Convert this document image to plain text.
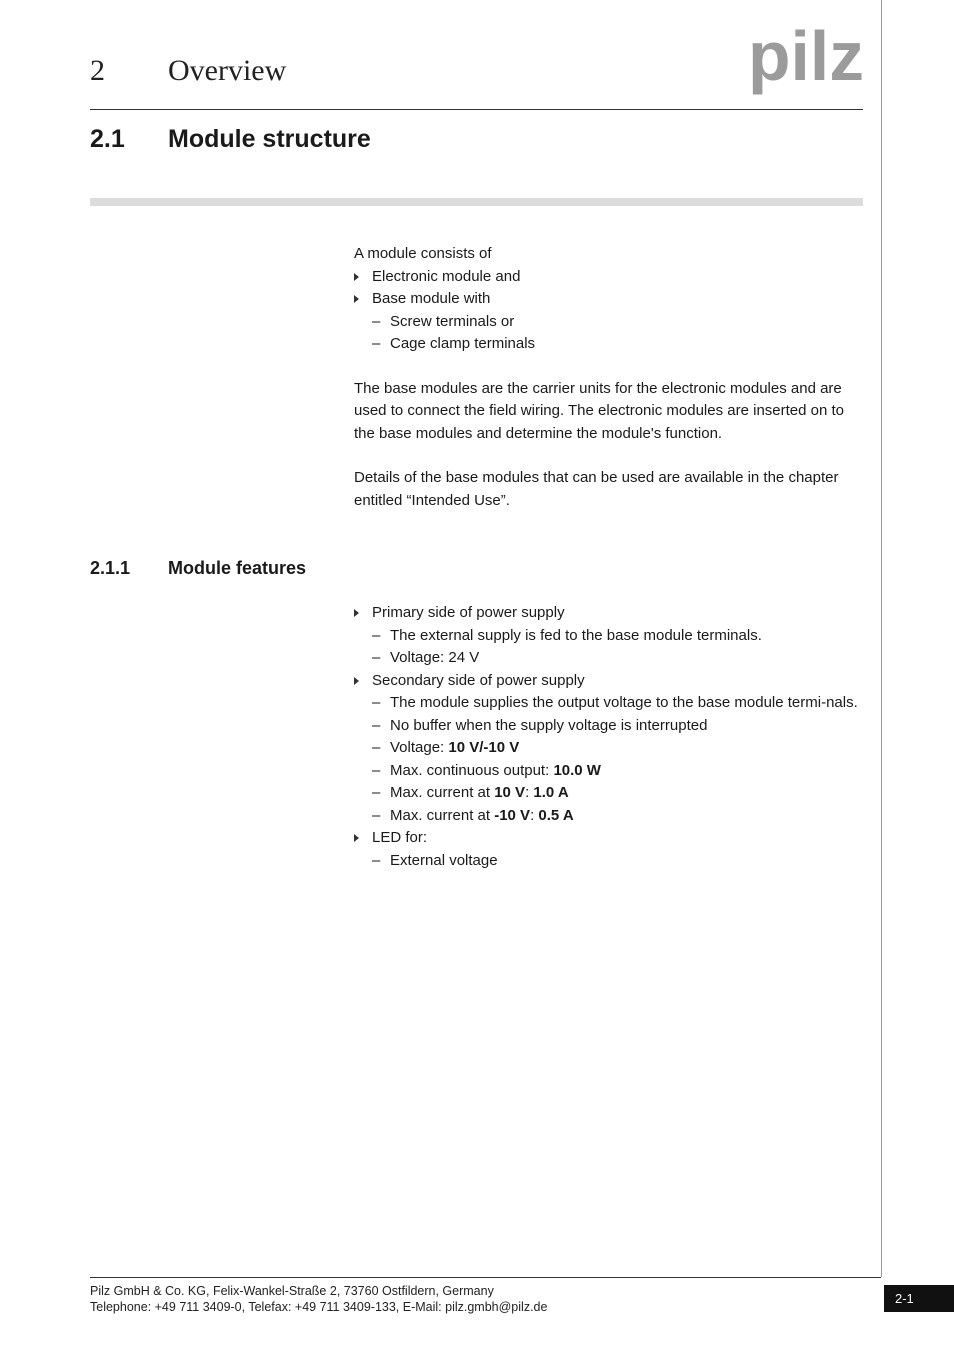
2 Overview	pilz
2.1 Module structure

A module consists of

Electronic module and
Base module with
– Screw terminals or
– Cage clamp terminals

The base modules are the carrier units for the electronic modules and are used to connect the field wiring. The electronic modules are inserted on to the base modules and determine the module's function.

Details of the base modules that can be used are available in the chapter entitled “Intended Use”.

2.1.1 Module features
Primary side of power supply
– The external supply is fed to the base module terminals.
– Voltage: 24 V
Secondary side of power supply
– The module supplies the output voltage to the base module termi-nals.
– No buffer when the supply voltage is interrupted
– Voltage: 10 V/-10 V
– Max. continuous output: 10.0 W
– Max. current at 10 V: 1.0 A
– Max. current at -10 V: 0.5 A
LED for:
– External voltage
Pilz GmbH & Co. KG, Felix-Wankel-Straße 2, 73760 Ostfildern, Germany
Telephone: +49 711 3409-0, Telefax: +49 711 3409-133, E-Mail: pilz.gmbh@pilz.de
2-1
